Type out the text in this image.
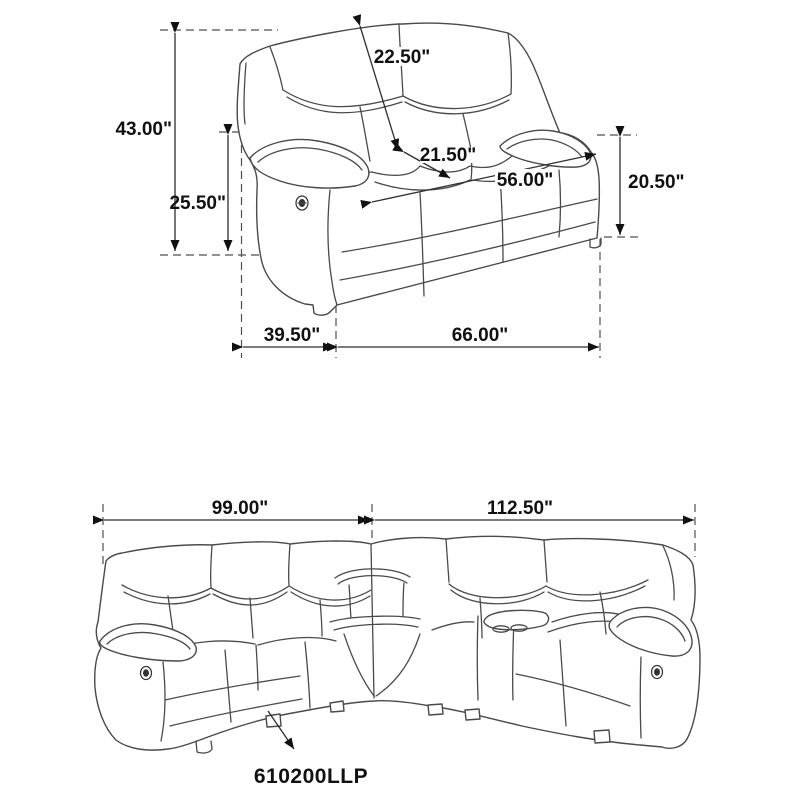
43.00"
22.50"
21.50"
56.00"	20.50"
25.50"
39.50"	66.00"
99.00"	112.50"
610200LLP
